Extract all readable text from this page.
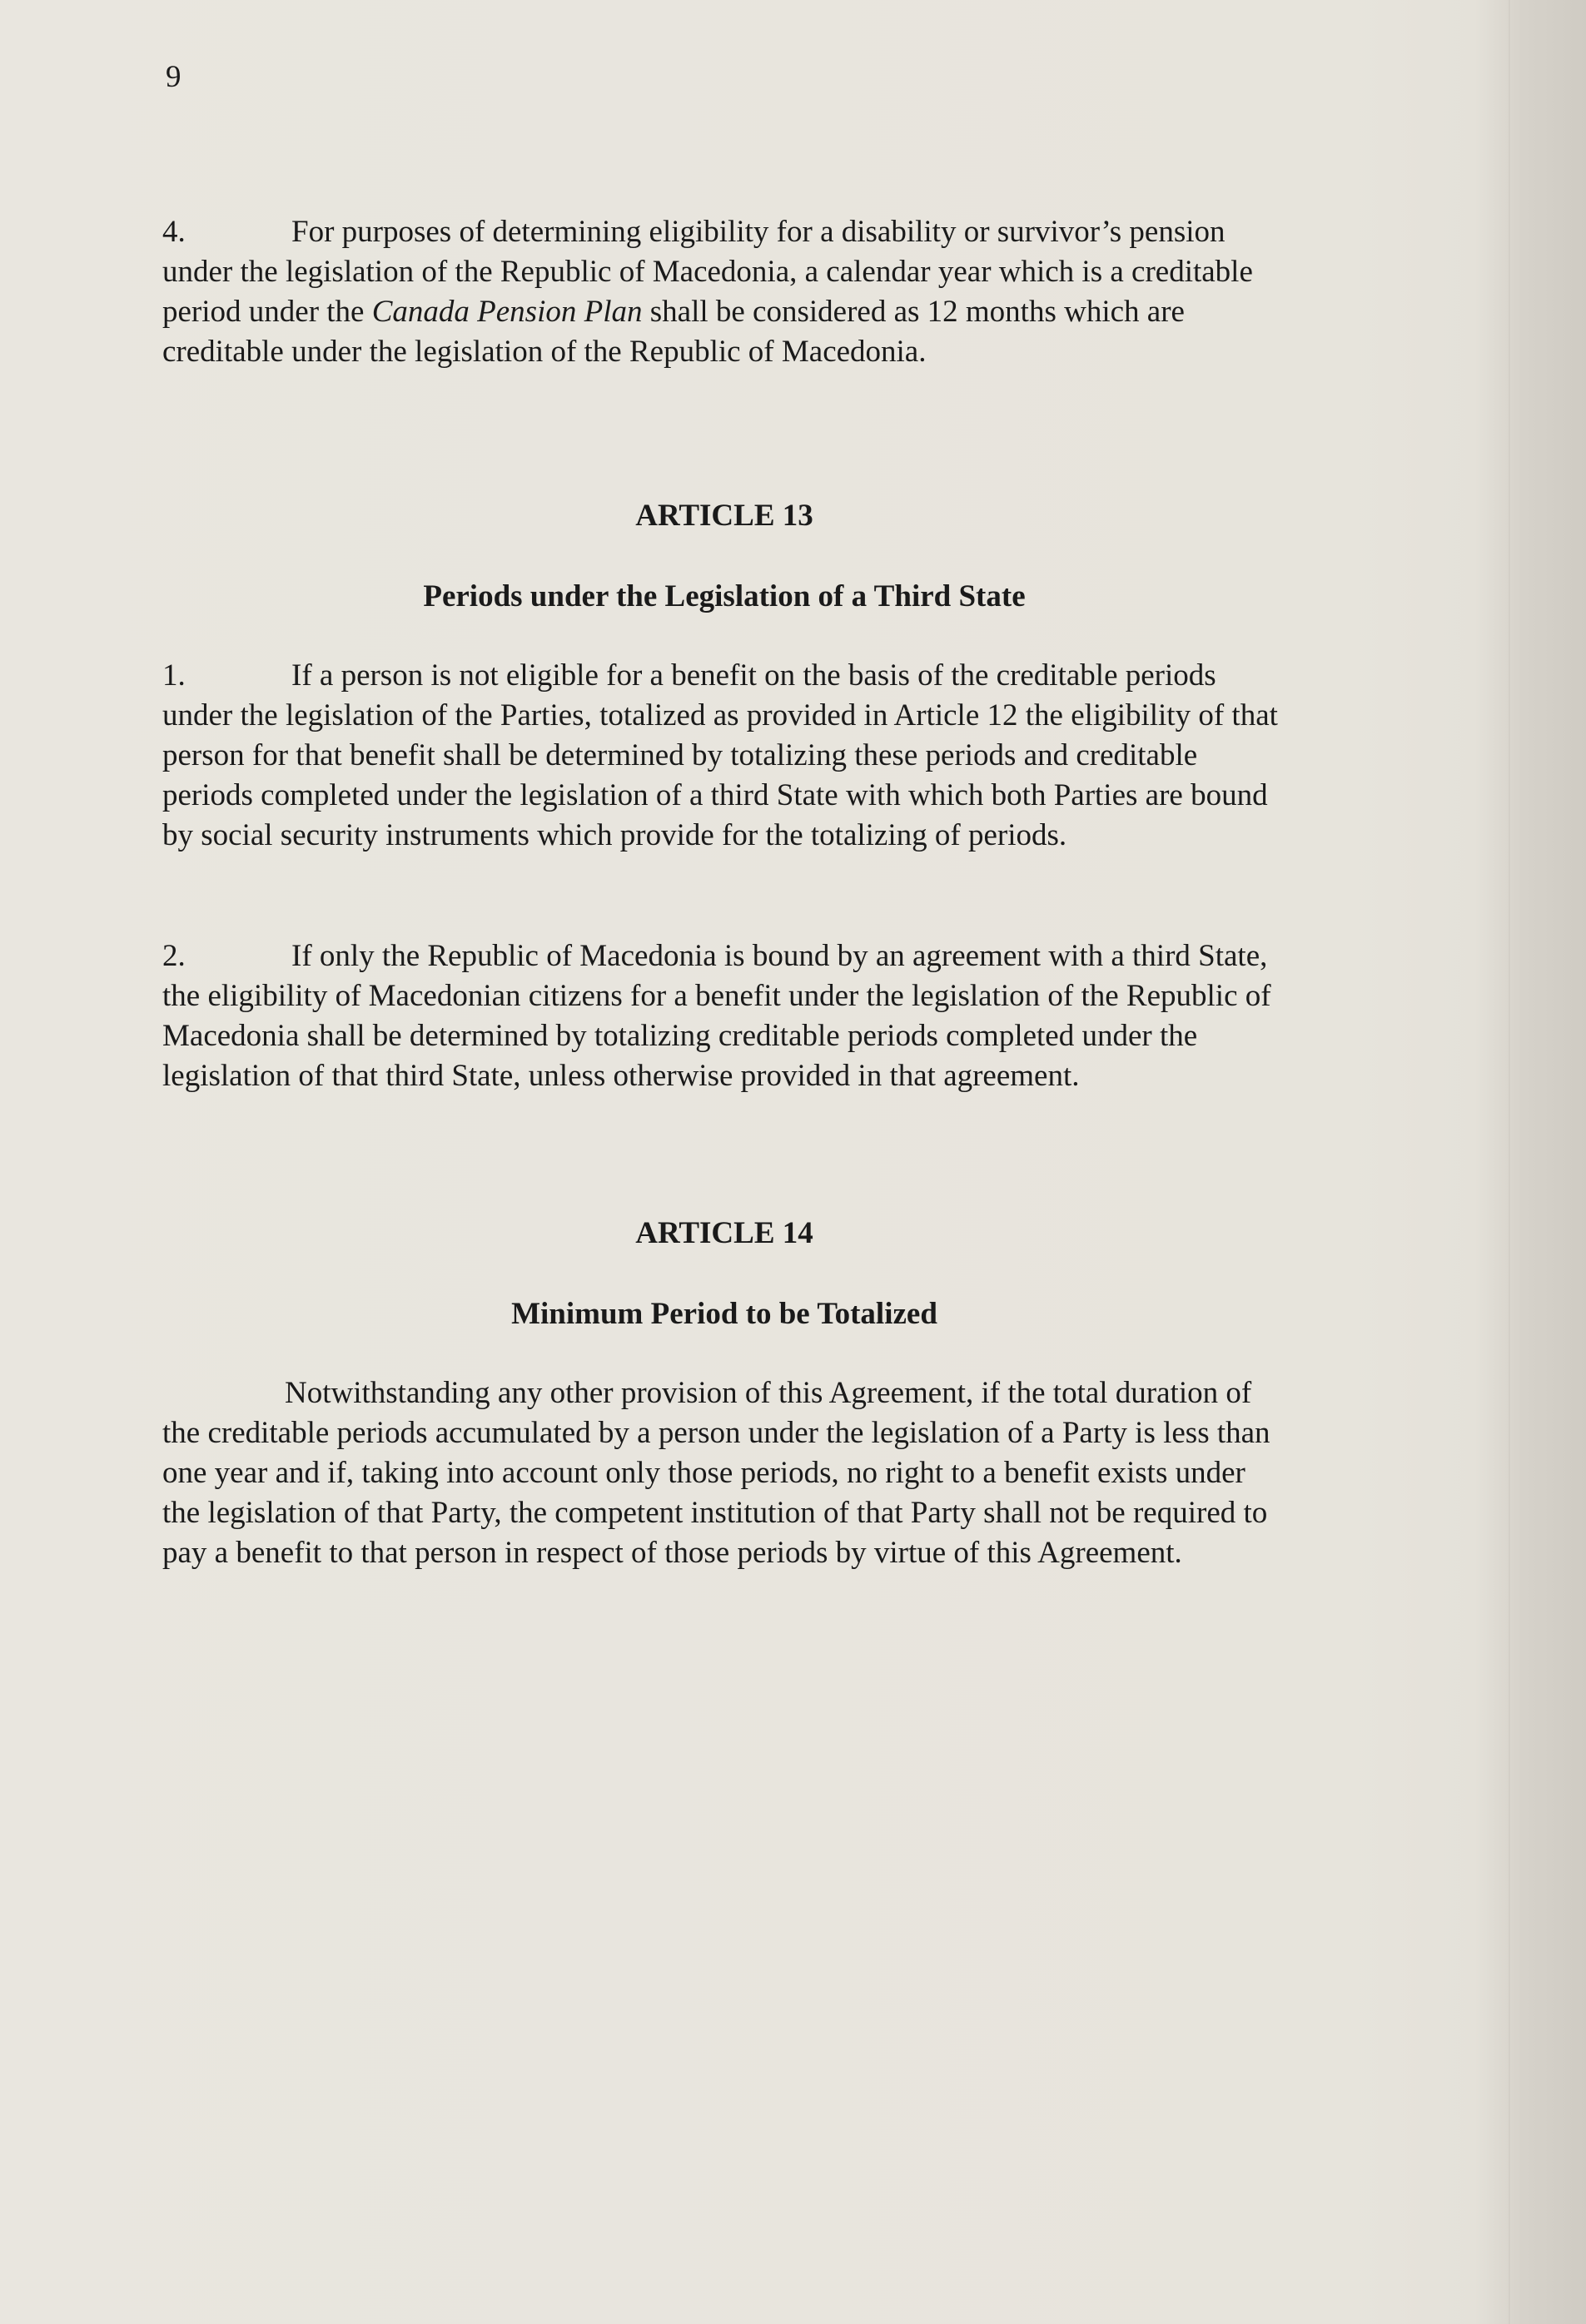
9
4.	For purposes of determining eligibility for a disability or survivor’s pension under the legislation of the Republic of Macedonia, a calendar year which is a creditable period under the Canada Pension Plan shall be considered as 12 months which are creditable under the legislation of the Republic of Macedonia.
ARTICLE 13
Periods under the Legislation of a Third State
1.	If a person is not eligible for a benefit on the basis of the creditable periods under the legislation of the Parties, totalized as provided in Article 12 the eligibility of that person for that benefit shall be determined by totalizing these periods and creditable periods completed under the legislation of a third State with which both Parties are bound by social security instruments which provide for the totalizing of periods.
2.	If only the Republic of Macedonia is bound by an agreement with a third State, the eligibility of Macedonian citizens for a benefit under the legislation of the Republic of Macedonia shall be determined by totalizing creditable periods completed under the legislation of that third State, unless otherwise provided in that agreement.
ARTICLE 14
Minimum Period to be Totalized
Notwithstanding any other provision of this Agreement, if the total duration of the creditable periods accumulated by a person under the legislation of a Party is less than one year and if, taking into account only those periods, no right to a benefit exists under the legislation of that Party, the competent institution of that Party shall not be required to pay a benefit to that person in respect of those periods by virtue of this Agreement.
